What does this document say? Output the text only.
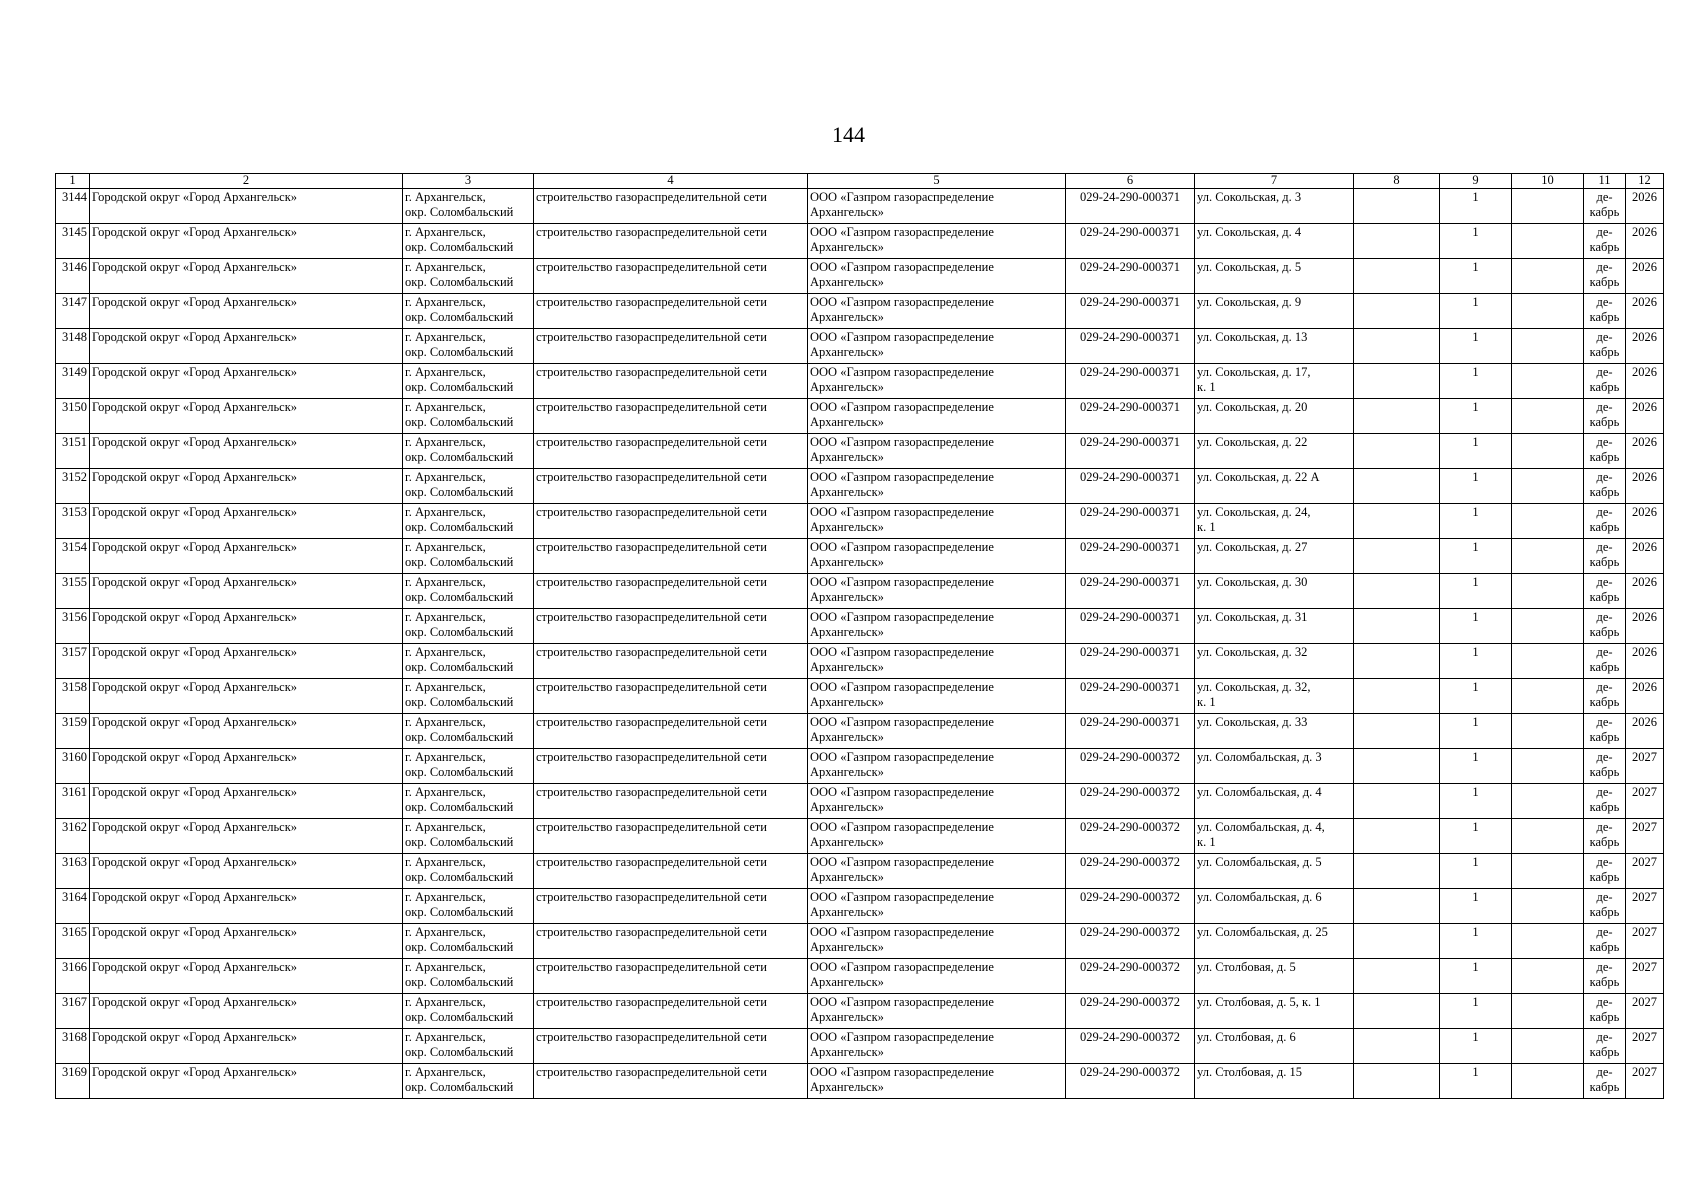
144
1	2	3	4	5	6	7	8	9	10	11	12

3144	Городской округ «Город Архангельск»	г. Архангельск,
окр. Соломбальский	строительство газораспределительной сети	ООО «Газпром газораспределение
Архангельск»	029-24-290-000371	ул. Сокольская, д. 3		1		де-
кабрь	2026

3145	Городской округ «Город Архангельск»	г. Архангельск,
окр. Соломбальский	строительство газораспределительной сети	ООО «Газпром газораспределение
Архангельск»	029-24-290-000371	ул. Сокольская, д. 4		1		де-
кабрь	2026

3146	Городской округ «Город Архангельск»	г. Архангельск,
окр. Соломбальский	строительство газораспределительной сети	ООО «Газпром газораспределение
Архангельск»	029-24-290-000371	ул. Сокольская, д. 5		1		де-
кабрь	2026

3147	Городской округ «Город Архангельск»	г. Архангельск,
окр. Соломбальский	строительство газораспределительной сети	ООО «Газпром газораспределение
Архангельск»	029-24-290-000371	ул. Сокольская, д. 9		1		де-
кабрь	2026

3148	Городской округ «Город Архангельск»	г. Архангельск,
окр. Соломбальский	строительство газораспределительной сети	ООО «Газпром газораспределение
Архангельск»	029-24-290-000371	ул. Сокольская, д. 13		1		де-
кабрь	2026

3149	Городской округ «Город Архангельск»	г. Архангельск,
окр. Соломбальский	строительство газораспределительной сети	ООО «Газпром газораспределение
Архангельск»	029-24-290-000371	ул. Сокольская, д. 17,
к. 1		1		де-
кабрь	2026

3150	Городской округ «Город Архангельск»	г. Архангельск,
окр. Соломбальский	строительство газораспределительной сети	ООО «Газпром газораспределение
Архангельск»	029-24-290-000371	ул. Сокольская, д. 20		1		де-
кабрь	2026

3151	Городской округ «Город Архангельск»	г. Архангельск,
окр. Соломбальский	строительство газораспределительной сети	ООО «Газпром газораспределение
Архангельск»	029-24-290-000371	ул. Сокольская, д. 22		1		де-
кабрь	2026

3152	Городской округ «Город Архангельск»	г. Архангельск,
окр. Соломбальский	строительство газораспределительной сети	ООО «Газпром газораспределение
Архангельск»	029-24-290-000371	ул. Сокольская, д. 22 А		1		де-
кабрь	2026

3153	Городской округ «Город Архангельск»	г. Архангельск,
окр. Соломбальский	строительство газораспределительной сети	ООО «Газпром газораспределение
Архангельск»	029-24-290-000371	ул. Сокольская, д. 24,
к. 1		1		де-
кабрь	2026

3154	Городской округ «Город Архангельск»	г. Архангельск,
окр. Соломбальский	строительство газораспределительной сети	ООО «Газпром газораспределение
Архангельск»	029-24-290-000371	ул. Сокольская, д. 27		1		де-
кабрь	2026

3155	Городской округ «Город Архангельск»	г. Архангельск,
окр. Соломбальский	строительство газораспределительной сети	ООО «Газпром газораспределение
Архангельск»	029-24-290-000371	ул. Сокольская, д. 30		1		де-
кабрь	2026

3156	Городской округ «Город Архангельск»	г. Архангельск,
окр. Соломбальский	строительство газораспределительной сети	ООО «Газпром газораспределение
Архангельск»	029-24-290-000371	ул. Сокольская, д. 31		1		де-
кабрь	2026

3157	Городской округ «Город Архангельск»	г. Архангельск,
окр. Соломбальский	строительство газораспределительной сети	ООО «Газпром газораспределение
Архангельск»	029-24-290-000371	ул. Сокольская, д. 32		1		де-
кабрь	2026

3158	Городской округ «Город Архангельск»	г. Архангельск,
окр. Соломбальский	строительство газораспределительной сети	ООО «Газпром газораспределение
Архангельск»	029-24-290-000371	ул. Сокольская, д. 32,
к. 1		1		де-
кабрь	2026

3159	Городской округ «Город Архангельск»	г. Архангельск,
окр. Соломбальский	строительство газораспределительной сети	ООО «Газпром газораспределение
Архангельск»	029-24-290-000371	ул. Сокольская, д. 33		1		де-
кабрь	2026

3160	Городской округ «Город Архангельск»	г. Архангельск,
окр. Соломбальский	строительство газораспределительной сети	ООО «Газпром газораспределение
Архангельск»	029-24-290-000372	ул. Соломбальская, д. 3		1		де-
кабрь	2027

3161	Городской округ «Город Архангельск»	г. Архангельск,
окр. Соломбальский	строительство газораспределительной сети	ООО «Газпром газораспределение
Архангельск»	029-24-290-000372	ул. Соломбальская, д. 4		1		де-
кабрь	2027

3162	Городской округ «Город Архангельск»	г. Архангельск,
окр. Соломбальский	строительство газораспределительной сети	ООО «Газпром газораспределение
Архангельск»	029-24-290-000372	ул. Соломбальская, д. 4,
к. 1		1		де-
кабрь	2027

3163	Городской округ «Город Архангельск»	г. Архангельск,
окр. Соломбальский	строительство газораспределительной сети	ООО «Газпром газораспределение
Архангельск»	029-24-290-000372	ул. Соломбальская, д. 5		1		де-
кабрь	2027

3164	Городской округ «Город Архангельск»	г. Архангельск,
окр. Соломбальский	строительство газораспределительной сети	ООО «Газпром газораспределение
Архангельск»	029-24-290-000372	ул. Соломбальская, д. 6		1		де-
кабрь	2027

3165	Городской округ «Город Архангельск»	г. Архангельск,
окр. Соломбальский	строительство газораспределительной сети	ООО «Газпром газораспределение
Архангельск»	029-24-290-000372	ул. Соломбальская, д. 25		1		де-
кабрь	2027

3166	Городской округ «Город Архангельск»	г. Архангельск,
окр. Соломбальский	строительство газораспределительной сети	ООО «Газпром газораспределение
Архангельск»	029-24-290-000372	ул. Столбовая, д. 5		1		де-
кабрь	2027

3167	Городской округ «Город Архангельск»	г. Архангельск,
окр. Соломбальский	строительство газораспределительной сети	ООО «Газпром газораспределение
Архангельск»	029-24-290-000372	ул. Столбовая, д. 5, к. 1		1		де-
кабрь	2027

3168	Городской округ «Город Архангельск»	г. Архангельск,
окр. Соломбальский	строительство газораспределительной сети	ООО «Газпром газораспределение
Архангельск»	029-24-290-000372	ул. Столбовая, д. 6		1		де-
кабрь	2027

3169	Городской округ «Город Архангельск»	г. Архангельск,
окр. Соломбальский	строительство газораспределительной сети	ООО «Газпром газораспределение
Архангельск»	029-24-290-000372	ул. Столбовая, д. 15		1		де-
кабрь	2027
